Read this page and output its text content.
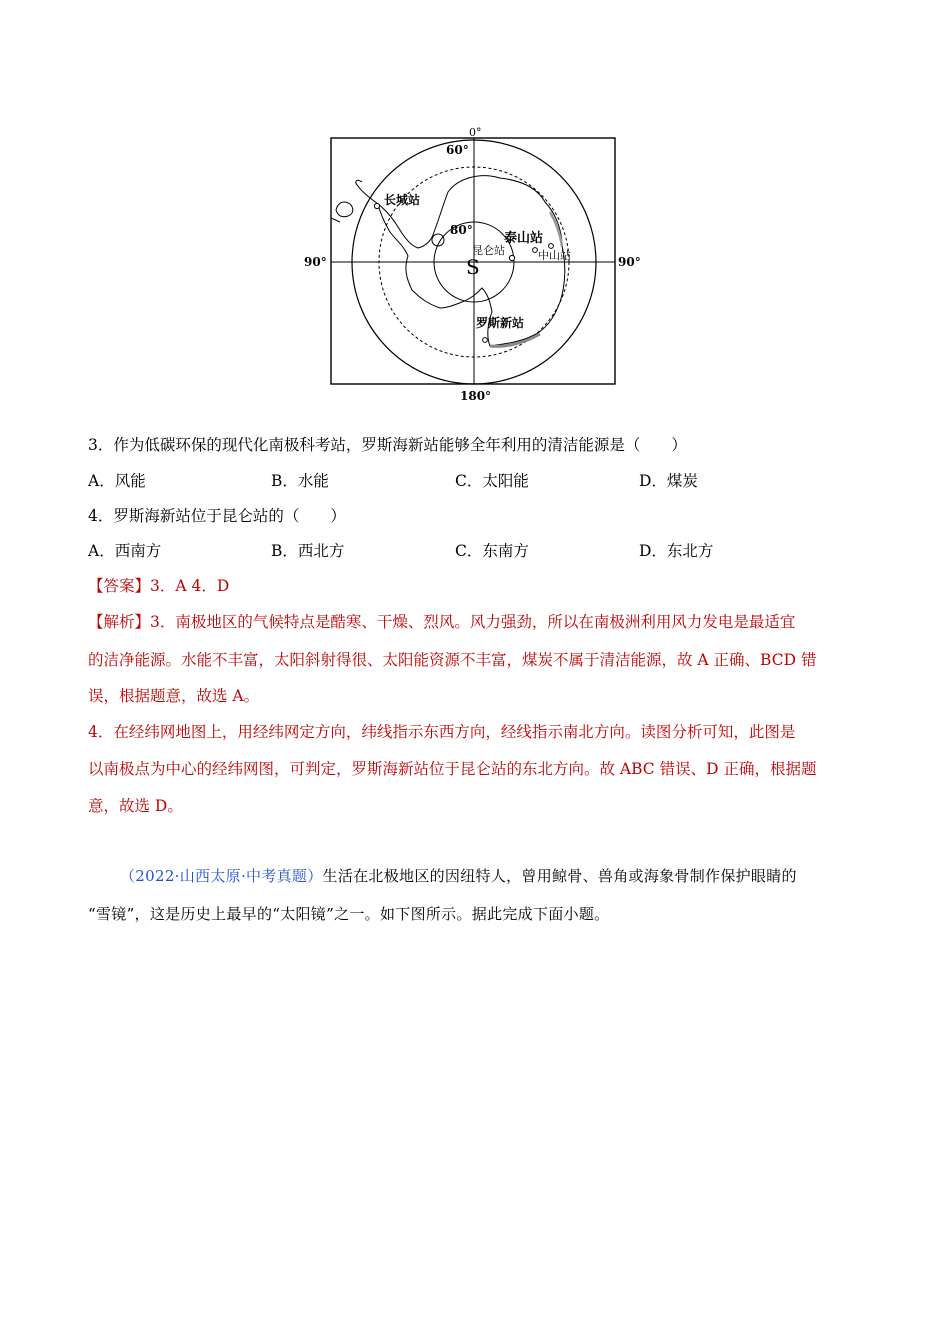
0°
60°
90°	90°
180°
80°
S
长城站
泰山站
昆仑站	中山站
罗斯新站
3．作为低碳环保的现代化南极科考站，罗斯海新站能够全年利用的清洁能源是（　　）
A．风能	B．水能	C．太阳能	D．煤炭
4．罗斯海新站位于昆仑站的（　　）
A．西南方	B．西北方	C．东南方	D．东北方
【答案】3．A 4．D
【解析】3．南极地区的气候特点是酷寒、干燥、烈风。风力强劲，所以在南极洲利用风力发电是最适宜
的洁净能源。水能不丰富，太阳斜射得很、太阳能资源不丰富，煤炭不属于清洁能源，故 A 正确、BCD 错
误，根据题意，故选 A。
4．在经纬网地图上，用经纬网定方向，纬线指示东西方向，经线指示南北方向。读图分析可知，此图是
以南极点为中心的经纬网图，可判定，罗斯海新站位于昆仑站的东北方向。故 ABC 错误、D 正确，根据题
意，故选 D。
（2022·山西太原·中考真题）生活在北极地区的因纽特人，曾用鲸骨、兽角或海象骨制作保护眼睛的
“雪镜”，这是历史上最早的“太阳镜”之一。如下图所示。据此完成下面小题。
